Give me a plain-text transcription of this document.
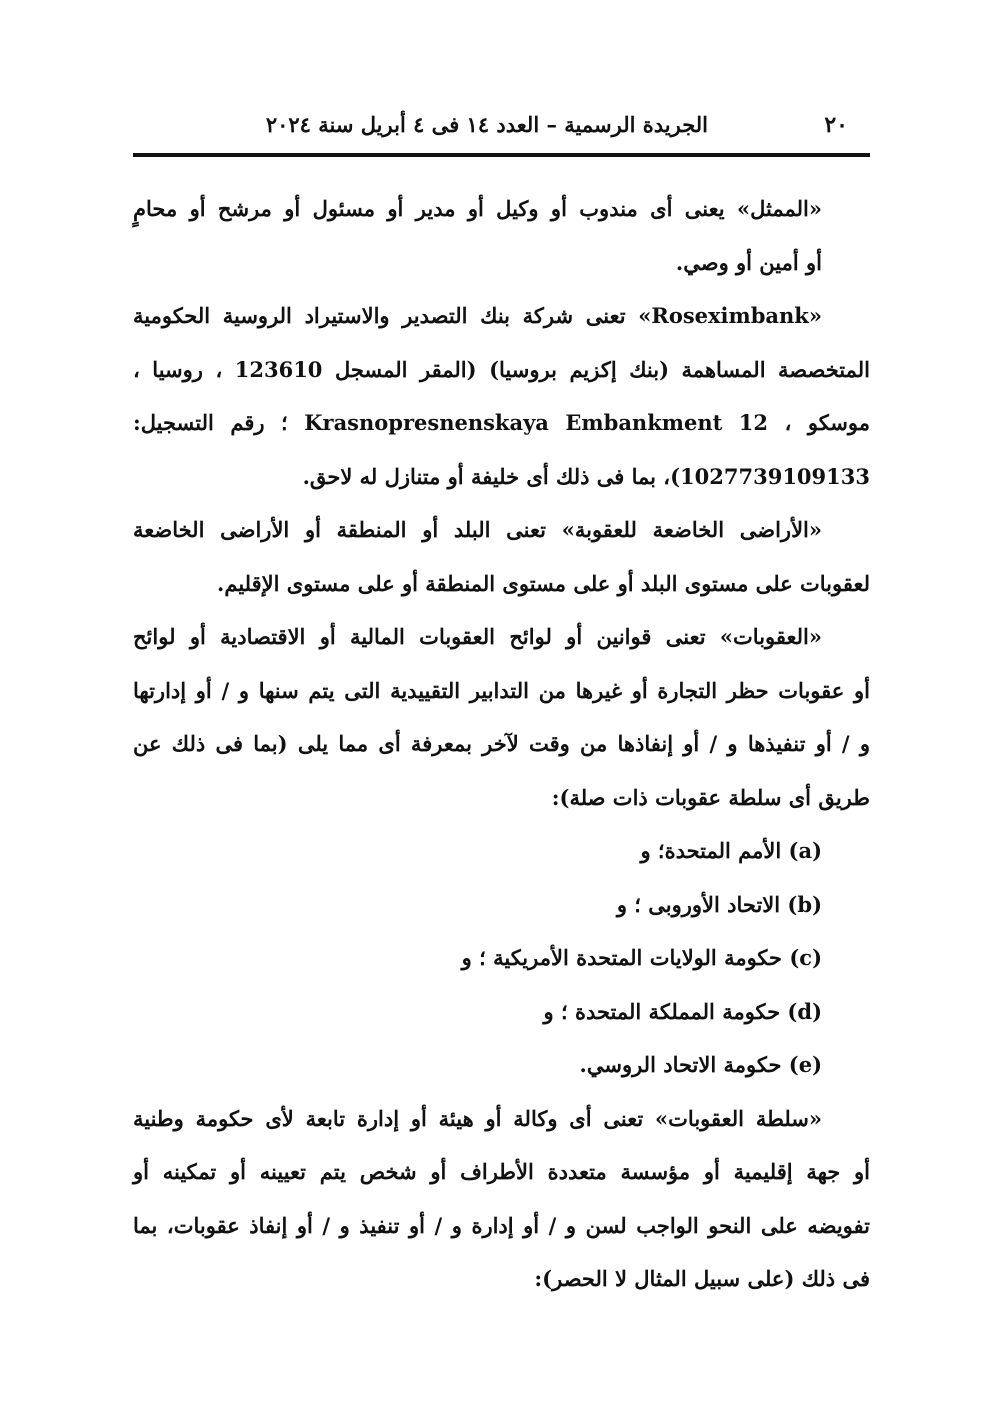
٢٠
الجريدة الرسمية – العدد ١٤ فى ٤ أبريل سنة ٢٠٢٤
«الممثل» يعنى أى مندوب أو وكيل أو مدير أو مسئول أو مرشح أو محامٍ
أو أمين أو وصي.
«Roseximbank» تعنى شركة بنك التصدير والاستيراد الروسية الحكومية
المتخصصة المساهمة (بنك إكزيم بروسيا) (المقر المسجل 123610 ، روسيا ،
موسكو ، Krasnopresnenskaya Embankment 12 ؛ رقم التسجيل:
1027739109133)، بما فى ذلك أى خليفة أو متنازل له لاحق.
«الأراضى الخاضعة للعقوبة» تعنى البلد أو المنطقة أو الأراضى الخاضعة
لعقوبات على مستوى البلد أو على مستوى المنطقة أو على مستوى الإقليم.
«العقوبات» تعنى قوانين أو لوائح العقوبات المالية أو الاقتصادية أو لوائح
أو عقوبات حظر التجارة أو غيرها من التدابير التقييدية التى يتم سنها و / أو إدارتها
و / أو تنفيذها و / أو إنفاذها من وقت لآخر بمعرفة أى مما يلى (بما فى ذلك عن
طريق أى سلطة عقوبات ذات صلة):
(a) الأمم المتحدة؛ و
(b) الاتحاد الأوروبى ؛ و
(c) حكومة الولايات المتحدة الأمريكية ؛ و
(d) حكومة المملكة المتحدة ؛ و
(e) حكومة الاتحاد الروسي.
«سلطة العقوبات» تعنى أى وكالة أو هيئة أو إدارة تابعة لأى حكومة وطنية
أو جهة إقليمية أو مؤسسة متعددة الأطراف أو شخص يتم تعيينه أو تمكينه أو
تفويضه على النحو الواجب لسن و / أو إدارة و / أو تنفيذ و / أو إنفاذ عقوبات، بما
فى ذلك (على سبيل المثال لا الحصر):
